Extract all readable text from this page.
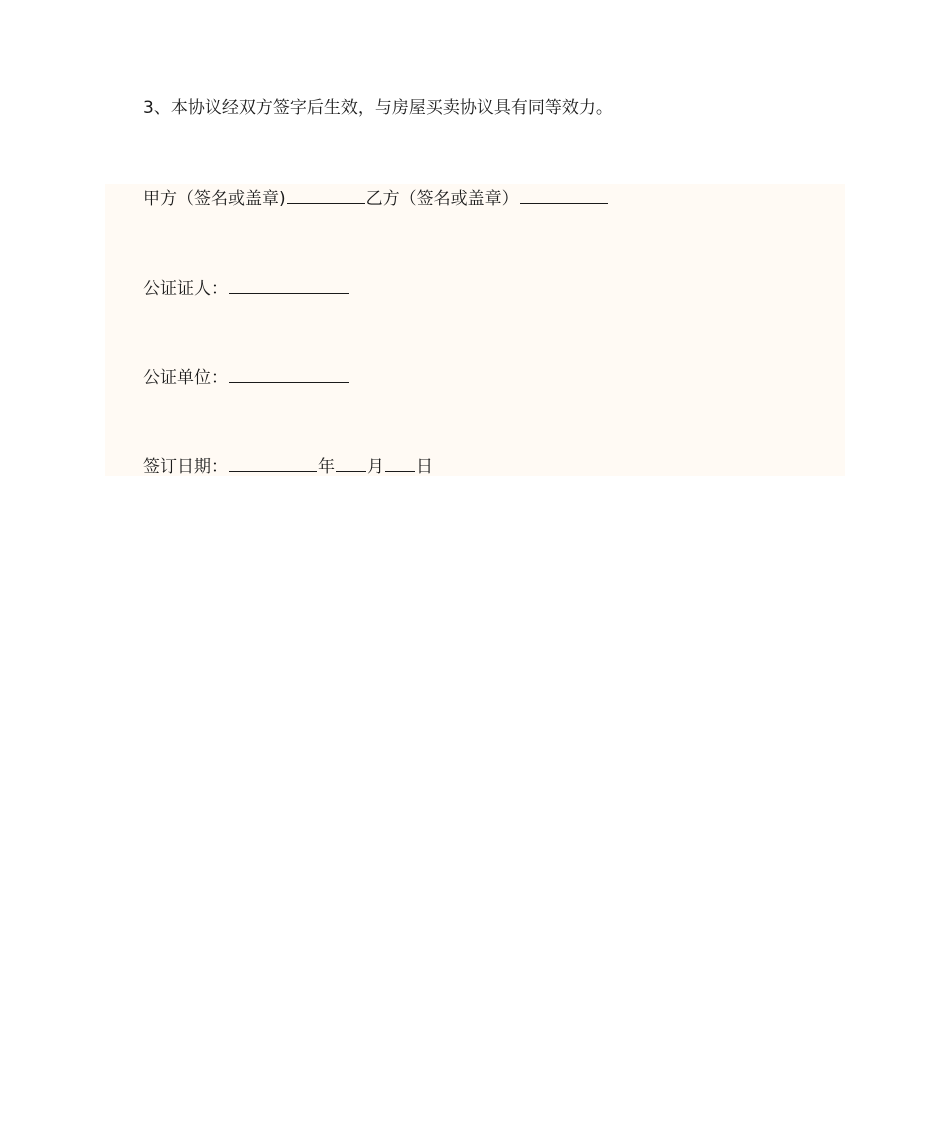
3、本协议经双方签字后生效，与房屋买卖协议具有同等效力。
甲方（签名或盖章)	乙方（签名或盖章）
公证证人：
公证单位：
签订日期：	年 月 日
